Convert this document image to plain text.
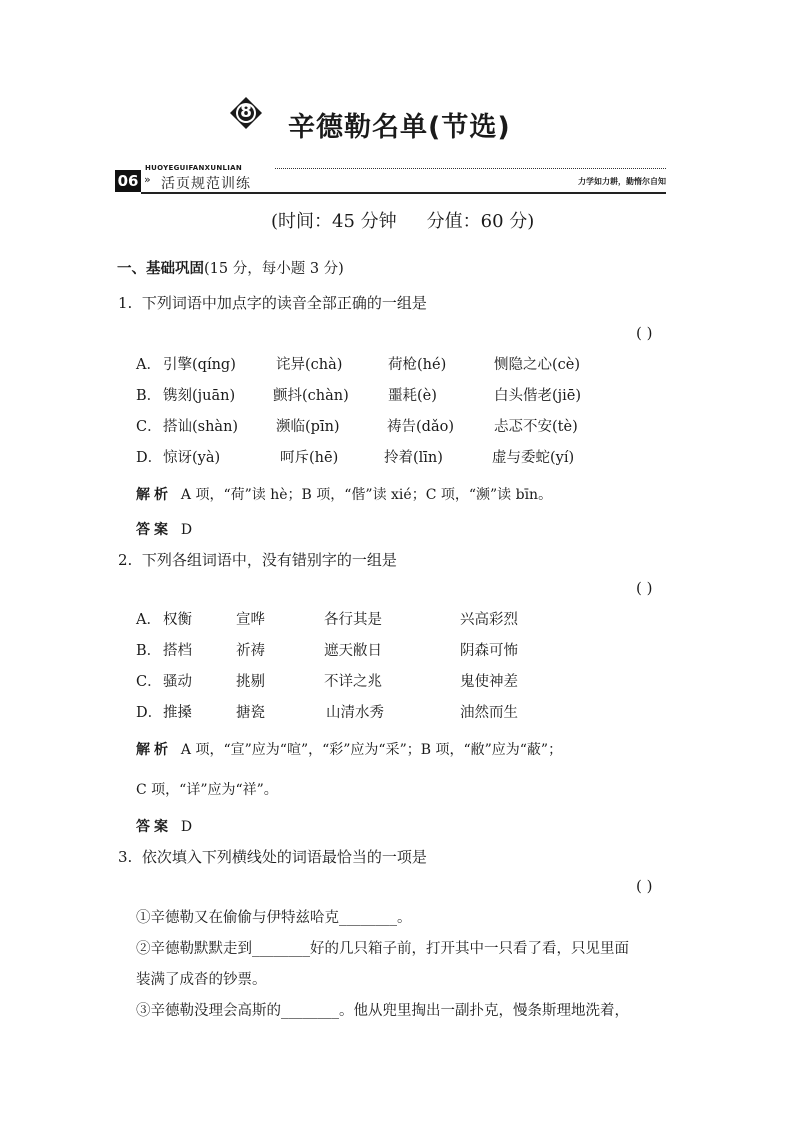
8	辛德勒名单(节选)
06 »
HUOYEGUIFANXUNLIAN
活页规范训练	力学如力耕，勤惰尔自知
(时间：45 分钟 分值：60 分)
一、基础巩固(15 分，每小题 3 分)
1. 下列词语中加点字的读音全部正确的一组是
( )
A． 引擎(qíng)	诧异(chà)	荷枪(hé)	恻隐之心(cè)
B． 镌刻(juān)	颤抖(chàn)	噩耗(è)	白头偕老(jiē)
C． 搭讪(shàn)	濒临(pīn)	祷告(dǎo)	忐忑不安(tè)
D． 惊讶(yà)	呵斥(hē)	拎着(līn)	虚与委蛇(yí)
解析 A 项，“荷”读 hè；B 项，“偕”读 xié；C 项，“濒”读 bīn。
答案 D
2. 下列各组词语中，没有错别字的一组是
( )
A． 权衡	宣哗	各行其是	兴高彩烈
B． 搭档	祈祷	遮天敝日	阴森可怖
C． 骚动	挑剔	不详之兆	鬼使神差
D． 推搡	搪瓷	山清水秀	油然而生
解析 A 项，“宣”应为“喧”，“彩”应为“采”；B 项，“敝”应为“蔽”；
C 项，“详”应为“祥”。
答案 D
3. 依次填入下列横线处的词语最恰当的一项是
( )
①辛德勒又在偷偷与伊特兹哈克________。
②辛德勒默默走到________好的几只箱子前，打开其中一只看了看，只见里面
装满了成沓的钞票。
③辛德勒没理会高斯的________。他从兜里掏出一副扑克，慢条斯理地洗着，
